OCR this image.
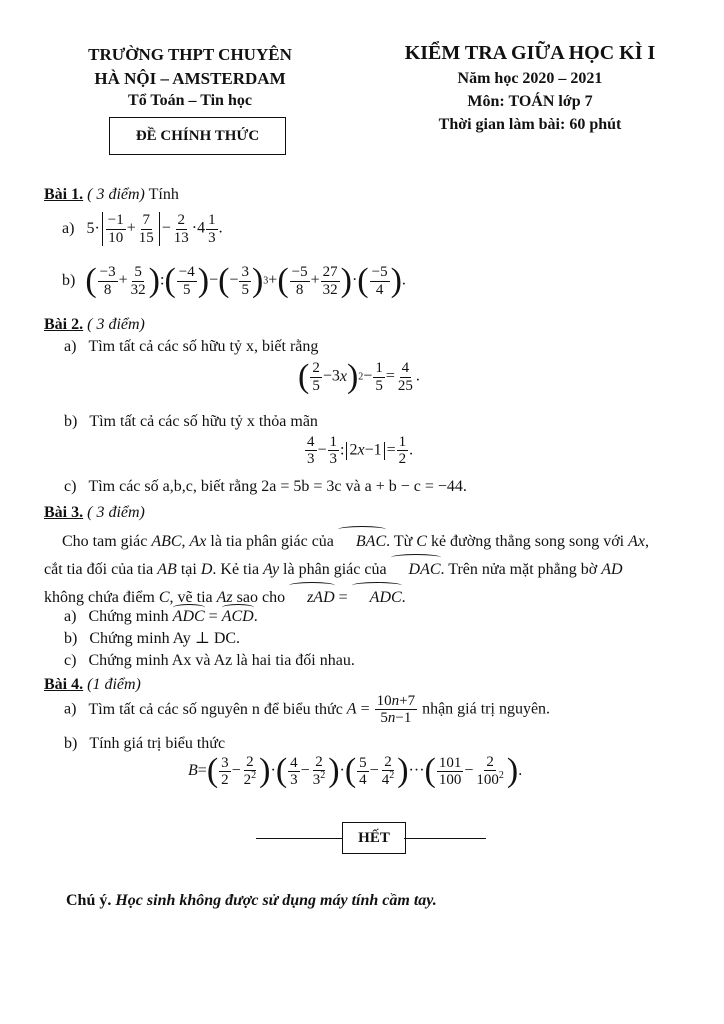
TRƯỜNG THPT CHUYÊN
HÀ NỘI – AMSTERDAM
Tổ Toán – Tin học
ĐỀ CHÍNH THỨC
KIỂM TRA GIỮA HỌC KÌ I
Năm học 2020 – 2021
Môn: TOÁN lớp 7
Thời gian làm bài: 60 phút
Bài 1. ( 3 điểm) Tính
a) $5\cdot \frac{-1}{10} + \frac{7}{15} - \frac{2}{13} \cdot 4 \frac{1}{3}$ .
b) ( $\frac{-3}{8} + \frac{5}{32}$ ):( $\frac{-4}{5}$ )−(− $\frac{3}{5} )3+( \frac{-5}{8} + \frac{27}{32}$ )·( $\frac{-5}{4}$ ).
Bài 2. ( 3 điểm)
a) Tìm tất cả các số hữu tỷ x, biết rằng
( $\frac{2}{5} -3x)2- \frac{1}{5} = \frac{4}{25}$ .
b) Tìm tất cả các số hữu tỷ x thỏa mãn
$\frac{4}{3} - \frac{1}{3}$ : $2x-1 = \frac{1}{2}$ .
c) Tìm các số a,b,c, biết rằng 2a = 5b = 3c và a + b − c = −44.
Bài 3. ( 3 điểm)

Cho tam giác ABC, Ax là tia phân giác của BAC. Từ C kẻ đường thẳng song song với Ax, cắt tia đối của tia AB tại D. Kẻ tia Ay là phân giác của DAC. Trên nửa mặt phẳng bờ AD không chứa điểm C, vẽ tia Az sao cho zAD = ADC.

a) Chứng minh ADC = ACD.
b) Chứng minh Ay ⊥ DC.
c) Chứng minh Ax và Az là hai tia đối nhau.
Bài 4. (1 điểm)
a) Tìm tất cả các số nguyên n để biểu thức $A = \frac{10n+7}{5n-1}$ nhận giá trị nguyên.
b) Tính giá trị biểu thức
$B=( \frac{3}{2} - \frac{2}{2^2}$ )·( $\frac{4}{3} - \frac{2}{3^2}$ )·( $\frac{5}{4} - \frac{2}{4^2}$ )···( $\frac{101}{100} - \frac{2}{100^2}$ ).
HẾT
Chú ý. Học sinh không được sử dụng máy tính cầm tay.
